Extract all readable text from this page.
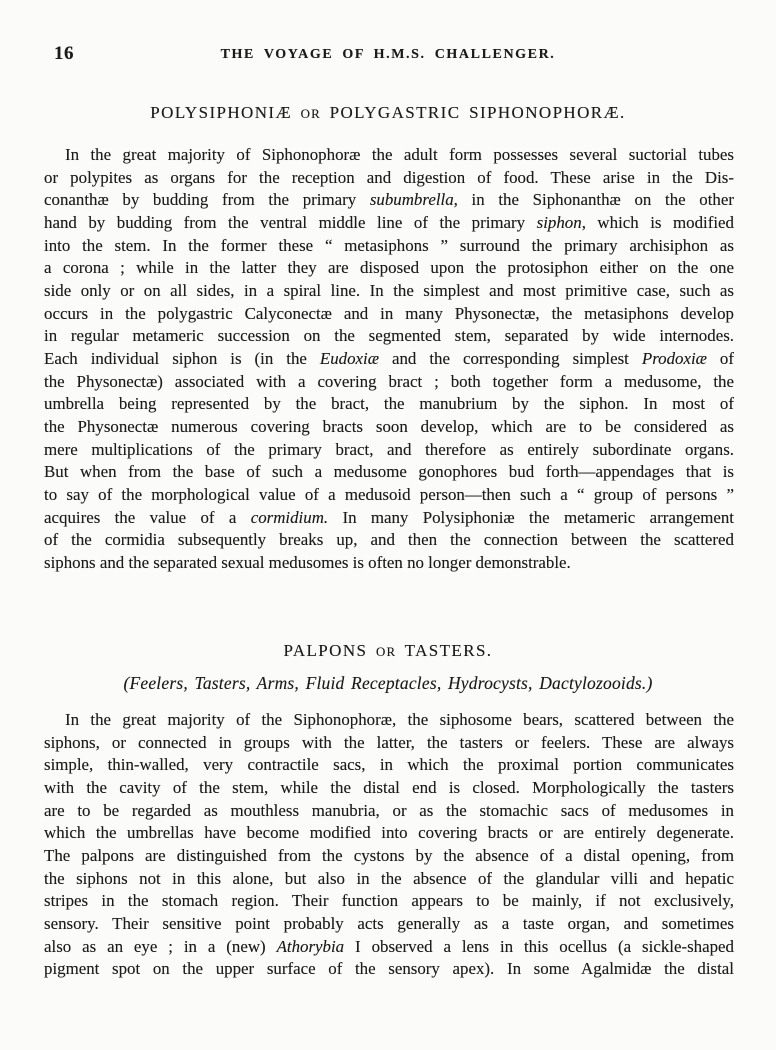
16	THE VOYAGE OF H.M.S. CHALLENGER.
POLYSIPHONIÆ OR POLYGASTRIC SIPHONOPHORÆ.
In the great majority of Siphonophoræ the adult form possesses several suctorial tubes
or polypites as organs for the reception and digestion of food. These arise in the Dis-
conanthæ by budding from the primary subumbrella, in the Siphonanthæ on the other
hand by budding from the ventral middle line of the primary siphon, which is modified
into the stem. In the former these “ metasiphons ” surround the primary archisiphon as
a corona ; while in the latter they are disposed upon the protosiphon either on the one
side only or on all sides, in a spiral line. In the simplest and most primitive case, such as
occurs in the polygastric Calyconectæ and in many Physonectæ, the metasiphons develop
in regular metameric succession on the segmented stem, separated by wide internodes.
Each individual siphon is (in the Eudoxiæ and the corresponding simplest Prodoxiæ of
the Physonectæ) associated with a covering bract ; both together form a medusome, the
umbrella being represented by the bract, the manubrium by the siphon. In most of
the Physonectæ numerous covering bracts soon develop, which are to be considered as
mere multiplications of the primary bract, and therefore as entirely subordinate organs.
But when from the base of such a medusome gonophores bud forth—appendages that is
to say of the morphological value of a medusoid person—then such a “ group of persons ”
acquires the value of a cormidium. In many Polysiphoniæ the metameric arrangement
of the cormidia subsequently breaks up, and then the connection between the scattered
siphons and the separated sexual medusomes is often no longer demonstrable.
PALPONS OR TASTERS.
(Feelers, Tasters, Arms, Fluid Receptacles, Hydrocysts, Dactylozooids.)
In the great majority of the Siphonophoræ, the siphosome bears, scattered between the
siphons, or connected in groups with the latter, the tasters or feelers. These are always
simple, thin-walled, very contractile sacs, in which the proximal portion communicates
with the cavity of the stem, while the distal end is closed. Morphologically the tasters
are to be regarded as mouthless manubria, or as the stomachic sacs of medusomes in
which the umbrellas have become modified into covering bracts or are entirely degenerate.
The palpons are distinguished from the cystons by the absence of a distal opening, from
the siphons not in this alone, but also in the absence of the glandular villi and hepatic
stripes in the stomach region. Their function appears to be mainly, if not exclusively,
sensory. Their sensitive point probably acts generally as a taste organ, and sometimes
also as an eye ; in a (new) Athorybia I observed a lens in this ocellus (a sickle-shaped
pigment spot on the upper surface of the sensory apex). In some Agalmidæ the distal
